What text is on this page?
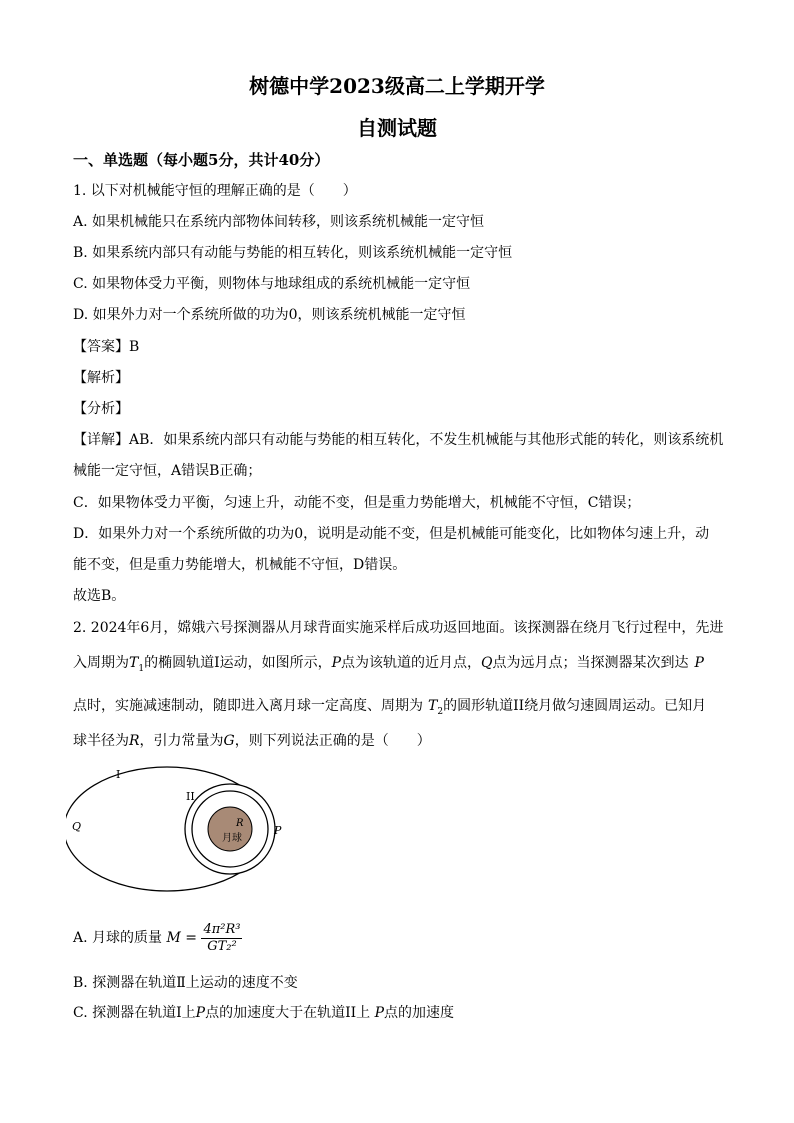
树德中学2023级高二上学期开学
自测试题
一、单选题（每小题5分，共计40分）
1. 以下对机械能守恒的理解正确的是（　　）
A. 如果机械能只在系统内部物体间转移，则该系统机械能一定守恒
B. 如果系统内部只有动能与势能的相互转化，则该系统机械能一定守恒
C. 如果物体受力平衡，则物体与地球组成的系统机械能一定守恒
D. 如果外力对一个系统所做的功为0，则该系统机械能一定守恒
【答案】B
【解析】
【分析】
【详解】AB．如果系统内部只有动能与势能的相互转化，不发生机械能与其他形式能的转化，则该系统机
械能一定守恒，A错误B正确；
C．如果物体受力平衡，匀速上升，动能不变，但是重力势能增大，机械能不守恒，C错误；
D．如果外力对一个系统所做的功为0，说明是动能不变，但是机械能可能变化，比如物体匀速上升，动
能不变，但是重力势能增大，机械能不守恒，D错误。
故选B。
2. 2024年6月，嫦娥六号探测器从月球背面实施采样后成功返回地面。该探测器在绕月飞行过程中，先进
入周期为$T_1$的椭圆轨道I运动，如图所示，P点为该轨道的近月点，Q点为远月点；当探测器某次到达 P
点时，实施减速制动，随即进入离月球一定高度、周期为 $T_2$的圆形轨道II绕月做匀速圆周运动。已知月
球半径为R，引力常量为G，则下列说法正确的是（　　）
I
II
Q	P
R
月球
A. 月球的质量 $M = \frac{\text{4π²R³}}{\text{GT₂²}}$
B. 探测器在轨道Ⅱ上运动的速度不变
C. 探测器在轨道I上P点的加速度大于在轨道II上 P点的加速度
